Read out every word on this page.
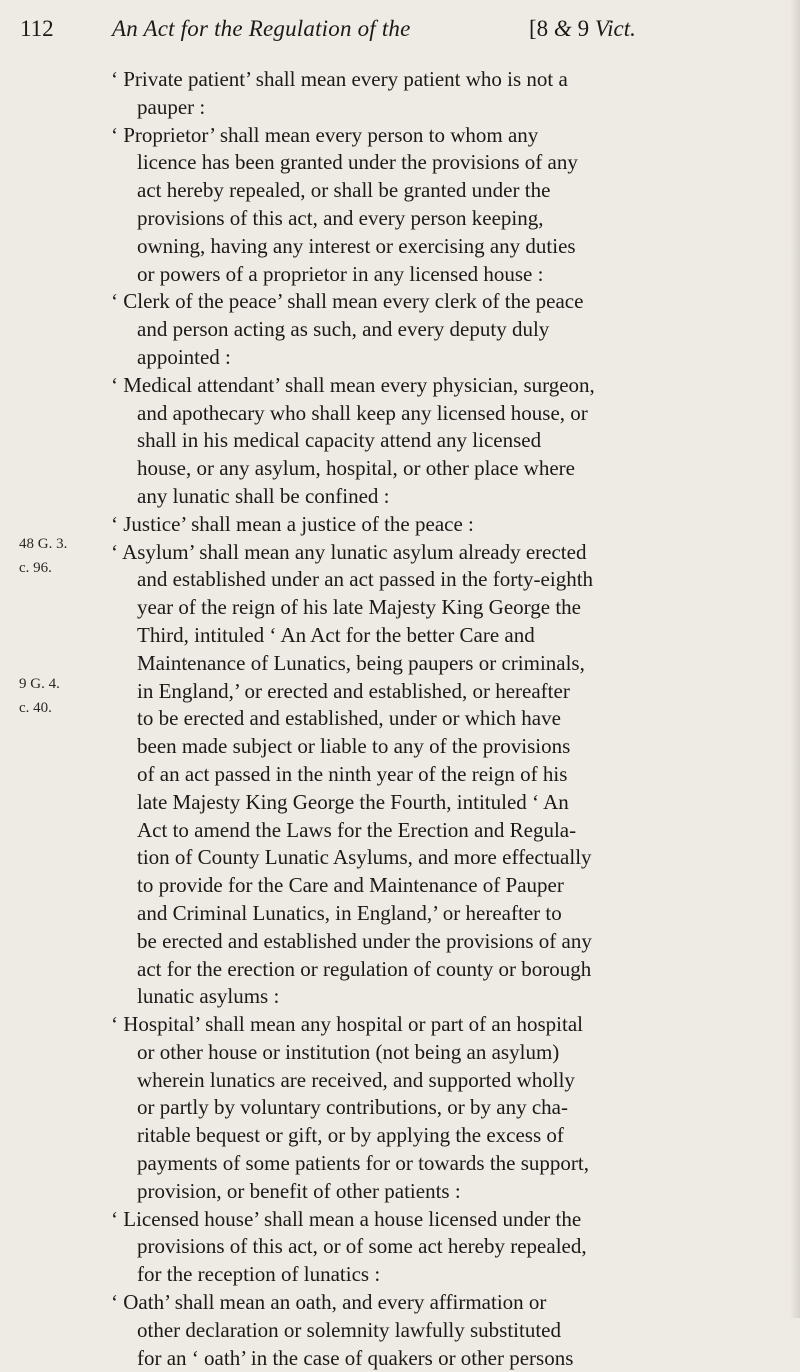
112	An Act for the Regulation of the	[8 & 9 Vict.
48 G. 3.
c. 96.
9 G. 4.
c. 40.
‘ Private patient’ shall mean every patient who is not a
pauper :
‘ Proprietor’ shall mean every person to whom any
licence has been granted under the provisions of any
act hereby repealed, or shall be granted under the
provisions of this act, and every person keeping,
owning, having any interest or exercising any duties
or powers of a proprietor in any licensed house :
‘ Clerk of the peace’ shall mean every clerk of the peace
and person acting as such, and every deputy duly
appointed :
‘ Medical attendant’ shall mean every physician, surgeon,
and apothecary who shall keep any licensed house, or
shall in his medical capacity attend any licensed
house, or any asylum, hospital, or other place where
any lunatic shall be confined :
‘ Justice’ shall mean a justice of the peace :
‘ Asylum’ shall mean any lunatic asylum already erected
and established under an act passed in the forty-eighth
year of the reign of his late Majesty King George the
Third, intituled ‘ An Act for the better Care and
Maintenance of Lunatics, being paupers or criminals,
in England,’ or erected and established, or hereafter
to be erected and established, under or which have
been made subject or liable to any of the provisions
of an act passed in the ninth year of the reign of his
late Majesty King George the Fourth, intituled ‘ An
Act to amend the Laws for the Erection and Regula-
tion of County Lunatic Asylums, and more effectually
to provide for the Care and Maintenance of Pauper
and Criminal Lunatics, in England,’ or hereafter to
be erected and established under the provisions of any
act for the erection or regulation of county or borough
lunatic asylums :
‘ Hospital’ shall mean any hospital or part of an hospital
or other house or institution (not being an asylum)
wherein lunatics are received, and supported wholly
or partly by voluntary contributions, or by any cha-
ritable bequest or gift, or by applying the excess of
payments of some patients for or towards the support,
provision, or benefit of other patients :
‘ Licensed house’ shall mean a house licensed under the
provisions of this act, or of some act hereby repealed,
for the reception of lunatics :
‘ Oath’ shall mean an oath, and every affirmation or
other declaration or solemnity lawfully substituted
for an ‘ oath’ in the case of quakers or other persons
